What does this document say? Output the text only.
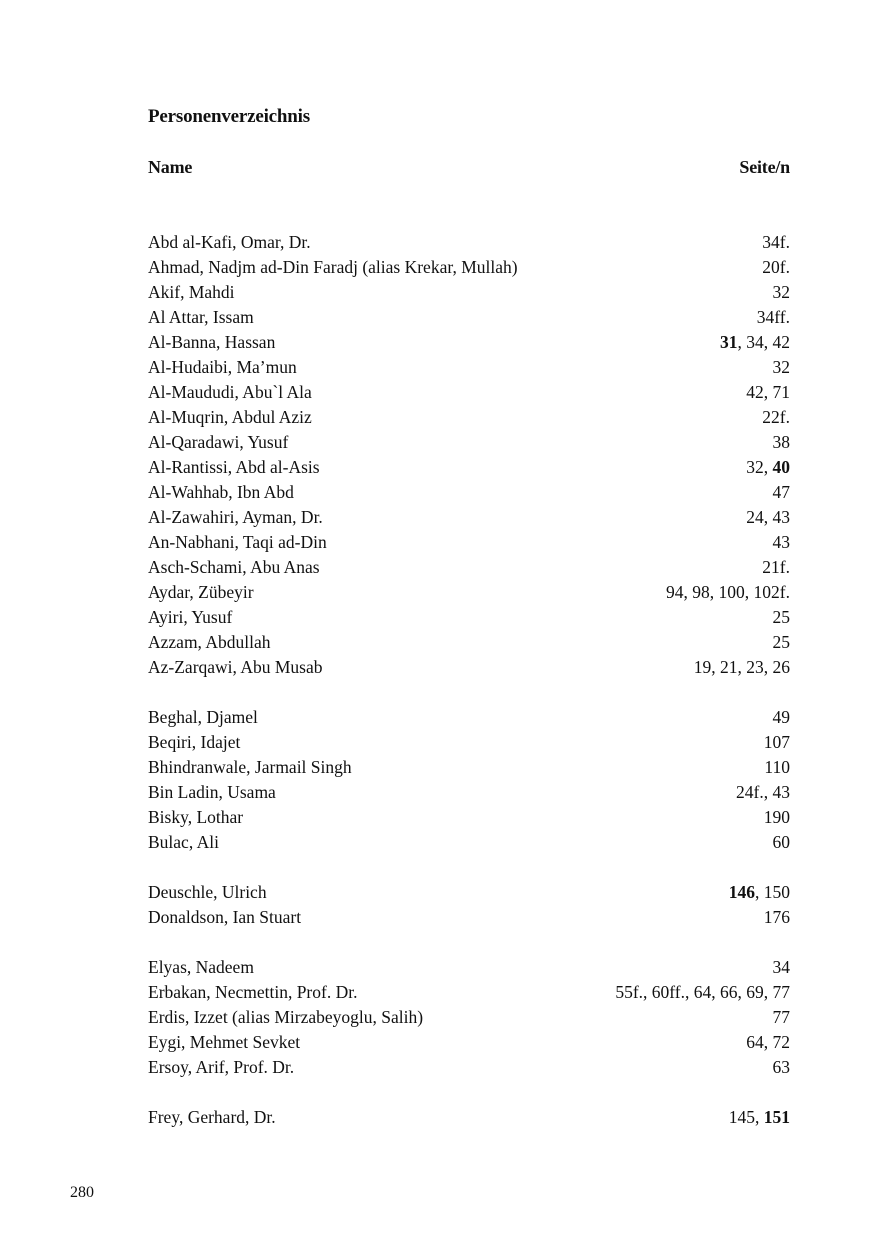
Personenverzeichnis
Name	Seite/n
Abd al-Kafi, Omar, Dr.	34f.
Ahmad, Nadjm ad-Din Faradj (alias Krekar, Mullah)	20f.
Akif, Mahdi	32
Al Attar, Issam	34ff.
Al-Banna, Hassan	31, 34, 42
Al-Hudaibi, Ma’mun	32
Al-Maududi, Abu`l Ala	42, 71
Al-Muqrin, Abdul Aziz	22f.
Al-Qaradawi, Yusuf	38
Al-Rantissi, Abd al-Asis	32, 40
Al-Wahhab, Ibn Abd	47
Al-Zawahiri, Ayman, Dr.	24, 43
An-Nabhani, Taqi ad-Din	43
Asch-Schami, Abu Anas	21f.
Aydar, Zübeyir	94, 98, 100, 102f.
Ayiri, Yusuf	25
Azzam, Abdullah	25
Az-Zarqawi, Abu Musab	19, 21, 23, 26
Beghal, Djamel	49
Beqiri, Idajet	107
Bhindranwale, Jarmail Singh	110
Bin Ladin, Usama	24f., 43
Bisky, Lothar	190
Bulac, Ali	60
Deuschle, Ulrich	146, 150
Donaldson, Ian Stuart	176
Elyas, Nadeem	34
Erbakan, Necmettin, Prof. Dr.	55f., 60ff., 64, 66, 69, 77
Erdis, Izzet (alias Mirzabeyoglu, Salih)	77
Eygi, Mehmet Sevket	64, 72
Ersoy, Arif, Prof. Dr.	63
Frey, Gerhard, Dr.	145, 151
280
